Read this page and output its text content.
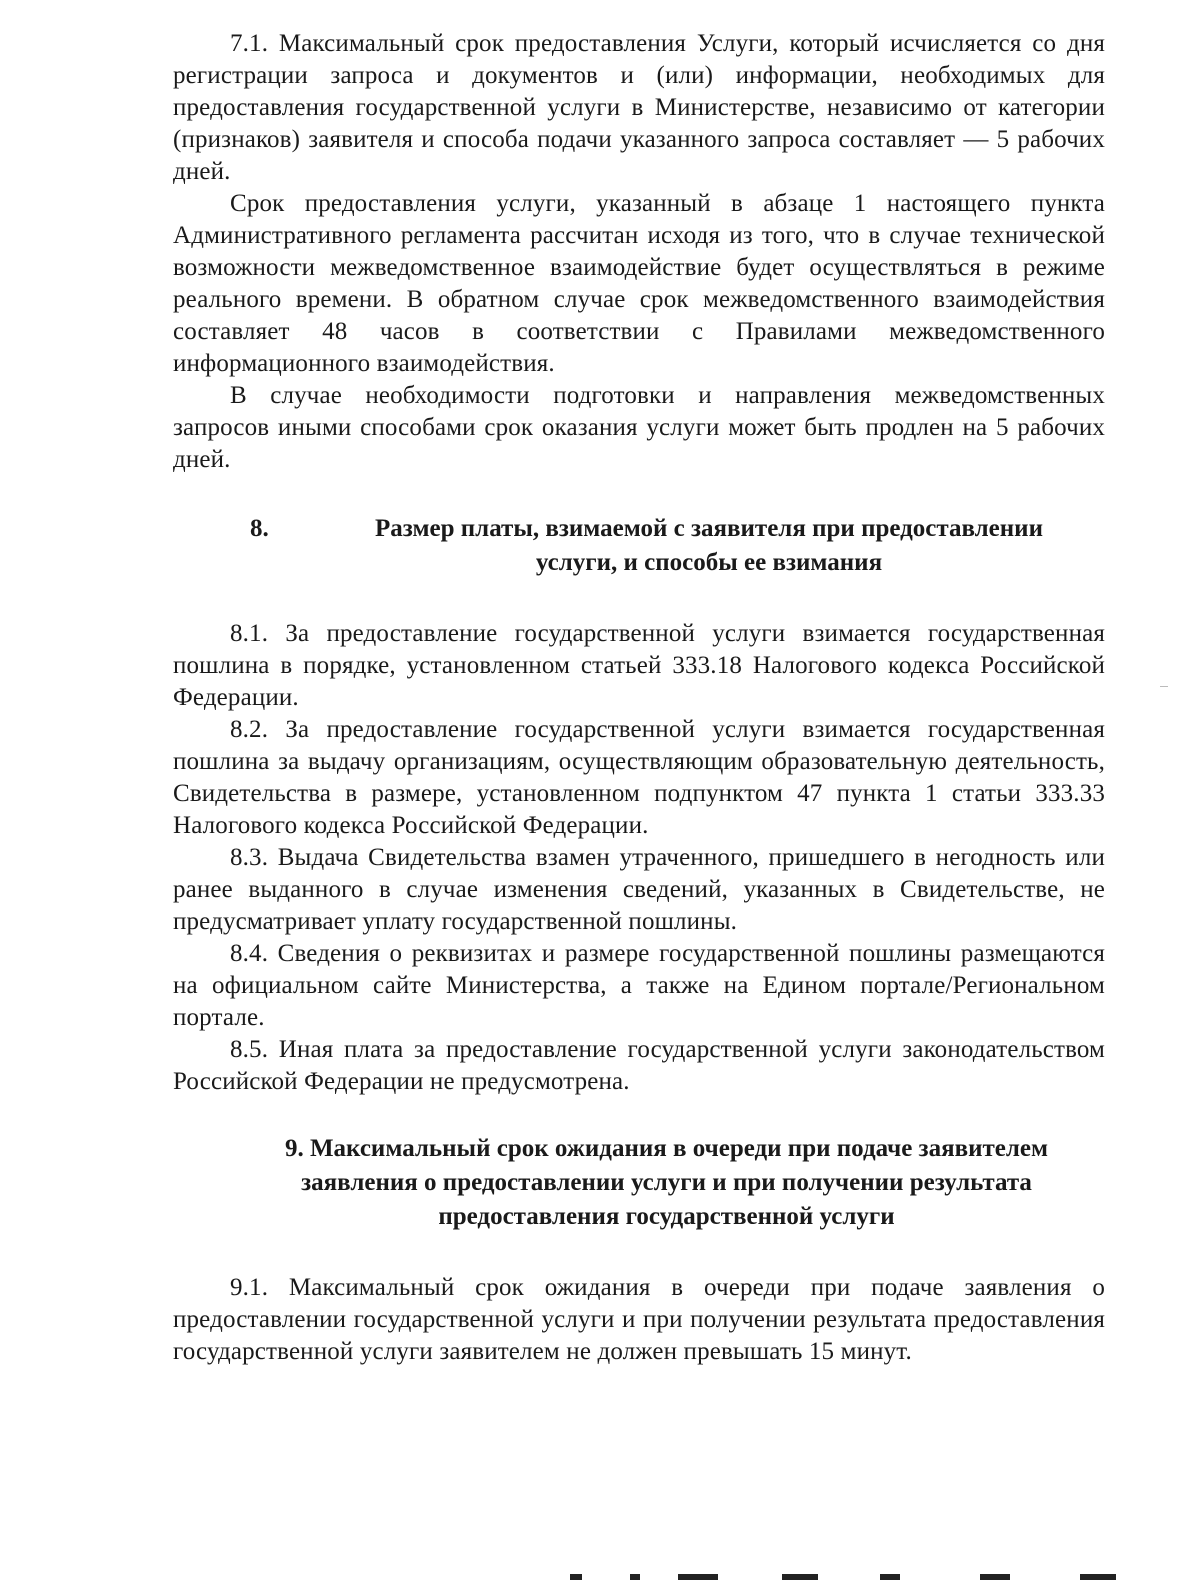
7.1. Максимальный срок предоставления Услуги, который исчисляется со дня регистрации запроса и документов и (или) информации, необходимых для предоставления государственной услуги в Министерстве, независимо от категории (признаков) заявителя и способа подачи указанного запроса составляет — 5 рабочих дней.

Срок предоставления услуги, указанный в абзаце 1 настоящего пункта Административного регламента рассчитан исходя из того, что в случае технической возможности межведомственное взаимодействие будет осуществляться в режиме реального времени. В обратном случае срок межведомственного взаимодействия составляет 48 часов в соответствии с Правилами межведомственного информационного взаимодействия.

В случае необходимости подготовки и направления межведомственных запросов иными способами срок оказания услуги может быть продлен на 5 рабочих дней.

8.	Размер платы, взимаемой с заявителя при предоставлении услуги, и способы ее взимания

8.1. За предоставление государственной услуги взимается государственная пошлина в порядке, установленном статьей 333.18 Налогового кодекса Российской Федерации.

8.2. За предоставление государственной услуги взимается государственная пошлина за выдачу организациям, осуществляющим образовательную деятельность, Свидетельства в размере, установленном подпунктом 47 пункта 1 статьи 333.33 Налогового кодекса Российской Федерации.

8.3. Выдача Свидетельства взамен утраченного, пришедшего в негодность или ранее выданного в случае изменения сведений, указанных в Свидетельстве, не предусматривает уплату государственной пошлины.

8.4. Сведения о реквизитах и размере государственной пошлины размещаются на официальном сайте Министерства, а также на Едином портале/Региональном портале.

8.5. Иная плата за предоставление государственной услуги законодательством Российской Федерации не предусмотрена.

9. Максимальный срок ожидания в очереди при подаче заявителем заявления о предоставлении услуги и при получении результата предоставления государственной услуги

9.1. Максимальный срок ожидания в очереди при подаче заявления о предоставлении государственной услуги и при получении результата предоставления государственной услуги заявителем не должен превышать 15 минут.
